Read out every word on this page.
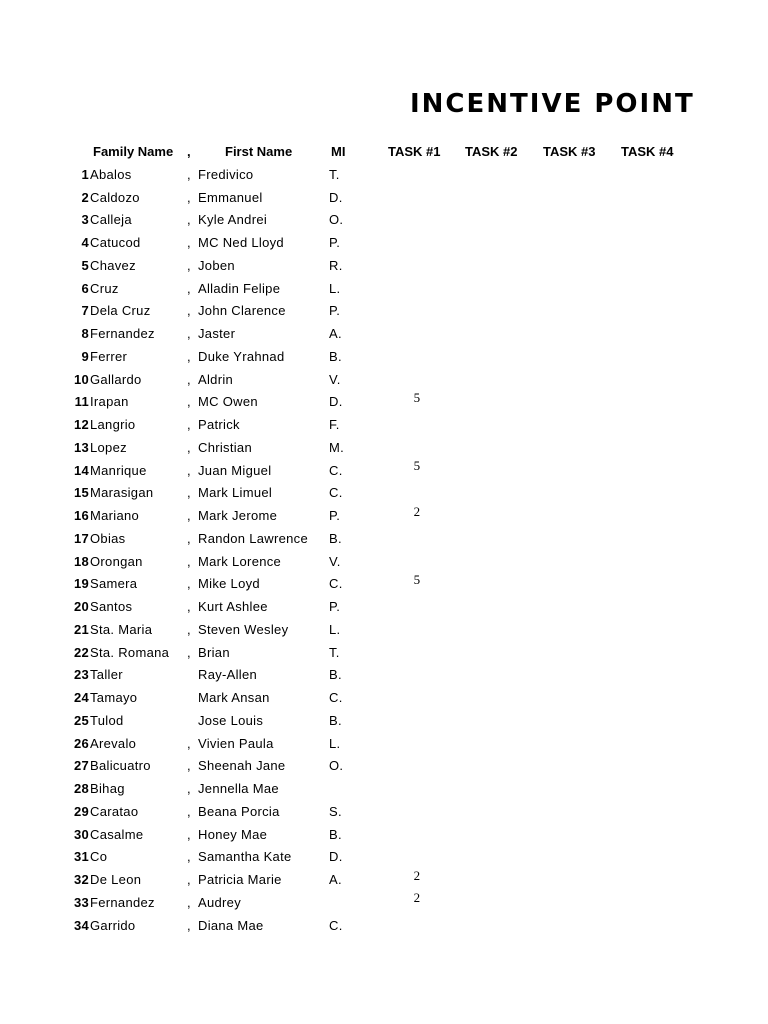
INCENTIVE POINT
Family Name ,	First Name	MI	TASK #1 TASK #2 TASK #3 TASK #4
1	Abalos	,	Fredivico	T.	
2	Caldozo	,	Emmanuel	D.	
3	Calleja	,	Kyle Andrei	O.	
4	Catucod	,	MC Ned Lloyd	P.	
5	Chavez	,	Joben	R.	
6	Cruz	,	Alladin Felipe	L.	
7	Dela Cruz	,	John Clarence	P.	
8	Fernandez	,	Jaster	A.	
9	Ferrer	,	Duke Yrahnad	B.	
10	Gallardo	,	Aldrin	V.	
11	Irapan	,	MC Owen	D.	5
12	Langrio	,	Patrick	F.	
13	Lopez	,	Christian	M.	
14	Manrique	,	Juan Miguel	C.	5
15	Marasigan	,	Mark Limuel	C.	
16	Mariano	,	Mark Jerome	P.	2
17	Obias	,	Randon Lawrence	B.	
18	Orongan	,	Mark Lorence	V.	
19	Samera	,	Mike Loyd	C.	5
20	Santos	,	Kurt Ashlee	P.	
21	Sta. Maria	,	Steven Wesley	L.	
22	Sta. Romana	,	Brian	T.	
23	Taller		Ray-Allen	B.	
24	Tamayo		Mark Ansan	C.	
25	Tulod		Jose Louis	B.	
26	Arevalo	,	Vivien Paula	L.	
27	Balicuatro	,	Sheenah Jane	O.	
28	Bihag	,	Jennella Mae		
29	Caratao	,	Beana Porcia	S.	
30	Casalme	,	Honey Mae	B.	
31	Co	,	Samantha Kate	D.	
32	De Leon	,	Patricia Marie	A.	2
33	Fernandez	,	Audrey		2
34	Garrido	,	Diana Mae	C.	
